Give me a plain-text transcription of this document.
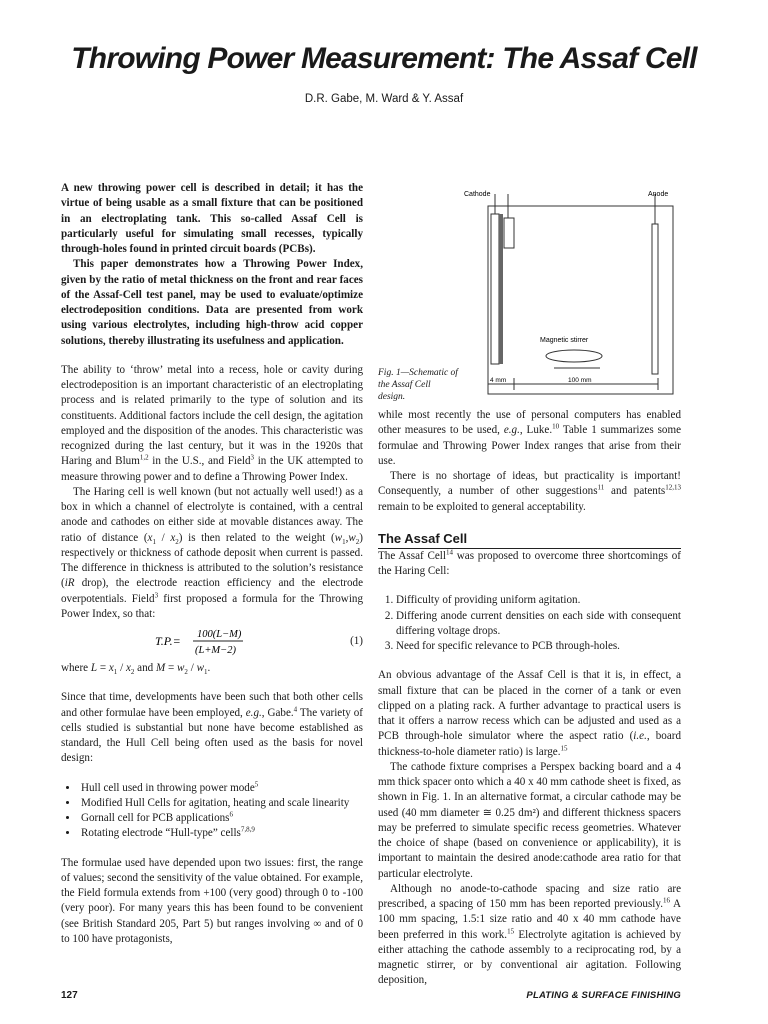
Throwing Power Measurement: The Assaf Cell
D.R. Gabe, M. Ward & Y. Assaf

A new throwing power cell is described in detail; it has the virtue of being usable as a small fixture that can be positioned in an electroplating tank. This so-called Assaf Cell is particularly useful for simulating small recesses, typically through-holes found in printed circuit boards (PCBs).

This paper demonstrates how a Throwing Power Index, given by the ratio of metal thickness on the front and rear faces of the Assaf-Cell test panel, may be used to evaluate/optimize electrodeposition conditions. Data are presented from work using various electrolytes, including high-throw acid copper solutions, thereby illustrating its usefulness and application.

The ability to ‘throw’ metal into a recess, hole or cavity during electrodeposition is an important characteristic of an electroplating process and is related primarily to the type of solution and its constituents. Additional factors include the cell design, the agitation employed and the disposition of the anodes. This characteristic was recognized during the last century, but it was in the 1920s that Haring and Blum$^{1,2}$ in the U.S., and Field$^3$ in the UK attempted to measure throwing power and to define a Throwing Power Index.

The Haring cell is well known (but not actually well used!) as a box in which a channel of electrolyte is contained, with a central anode and cathodes on either side at movable distances away. The ratio of distance $(x_1 / x_2)$ is then related to the weight $(w_1,w_2)$ respectively or thickness of cathode deposit when current is passed. The difference in thickness is attributed to the solution’s resistance (iR drop), the electrode reaction efficiency and the electrode overpotentials. Field$^3$ first proposed a formula for the Throwing Power Index, so that:

T.P.= 100(L−M)
(L+M−2)
(1)

where $L = x_1 / x_2$ and $M = w_2 / w_1$.

Since that time, developments have been such that both other cells and other formulae have been employed, e.g., Gabe.$^4$ The variety of cells studied is substantial but none have become established as standard, the Hull Cell being often used as the basis for novel design:

• Hull cell used in throwing power mode$^5$
• Modified Hull Cells for agitation, heating and scale linearity
• Gornall cell for PCB applications$^6$
• Rotating electrode “Hull-type” cells$^{7,8,9}$

The formulae used have depended upon two issues: first, the range of values; second the sensitivity of the value obtained. For example, the Field formula extends from +100 (very good) through 0 to -100 (very poor). For many years this has been found to be convenient (see British Standard 205, Part 5) but ranges involving ∞ and of 0 to 100 have protagonists,

Magnetic stirrer
Cathode	Anode
4 mm	100 mm
Fig. 1—Schematic of the Assaf Cell design.

while most recently the use of personal computers has enabled other measures to be used, e.g., Luke.$^{10}$ Table 1 summarizes some formulae and Throwing Power Index ranges that arise from their use.

There is no shortage of ideas, but practicality is important! Consequently, a number of other suggestions$^{11}$ and patents$^{12,13}$ remain to be exploited to general acceptability.

The Assaf Cell

The Assaf Cell$^{14}$ was proposed to overcome three shortcomings of the Haring Cell:

1. Difficulty of providing uniform agitation.
2. Differing anode current densities on each side with consequent differing voltage drops.
3. Need for specific relevance to PCB through-holes.

An obvious advantage of the Assaf Cell is that it is, in effect, a small fixture that can be placed in the corner of a tank or even clipped on a plating rack. A further advantage to practical users is that it offers a narrow recess which can be adjusted and used as a PCB through-hole simulator where the aspect ratio (i.e., board thickness-to-hole diameter ratio) is large.$^{15}$

The cathode fixture comprises a Perspex backing board and a 4 mm thick spacer onto which a 40 x 40 mm cathode sheet is fixed, as shown in Fig. 1. In an alternative format, a circular cathode may be used (40 mm diameter ≅ 0.25 dm²) and different thickness spacers may be preferred to simulate specific recess geometries. Whatever the choice of shape (based on convenience or applicability), it is important to maintain the desired anode:cathode area ratio for that particular electrolyte.

Although no anode-to-cathode spacing and size ratio are prescribed, a spacing of 150 mm has been reported previously.$^{16}$ A 100 mm spacing, 1.5:1 size ratio and 40 x 40 mm cathode have been preferred in this work.$^{15}$ Electrolyte agitation is achieved by either attaching the cathode assembly to a reciprocating rod, by a magnetic stirrer, or by conventional air agitation. Following deposition,

127	PLATING & SURFACE FINISHING
